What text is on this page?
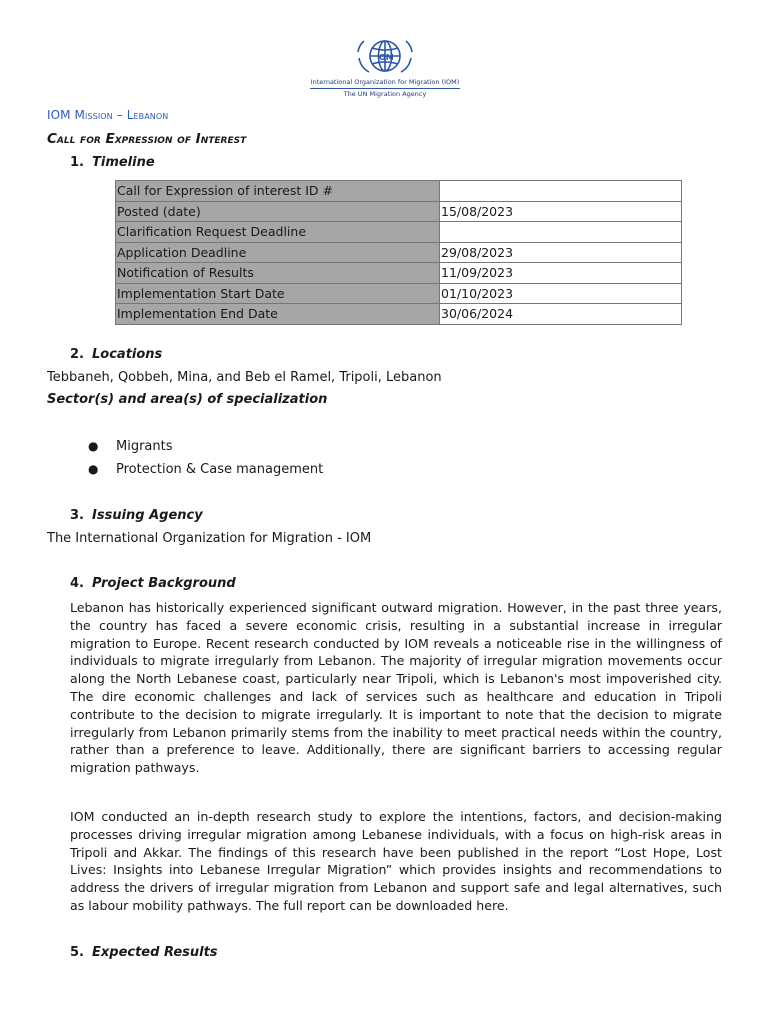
OM
International Organization for Migration (IOM)
The UN Migration Agency
IOM Mission – Lebanon
Call for Expression of Interest
1. Timeline
Call for Expression of interest ID #	
Posted (date)	15/08/2023
Clarification Request Deadline	
Application Deadline	29/08/2023
Notification of Results	11/09/2023
Implementation Start Date	01/10/2023
Implementation End Date	30/06/2024
2. Locations
Tebbaneh, Qobbeh, Mina, and Beb el Ramel, Tripoli, Lebanon
Sector(s) and area(s) of specialization
● Migrants
● Protection & Case management
3. Issuing Agency
The International Organization for Migration - IOM
4. Project Background
Lebanon has historically experienced significant outward migration. However, in the past three years, the country has faced a severe economic crisis, resulting in a substantial increase in irregular migration to Europe. Recent research conducted by IOM reveals a noticeable rise in the willingness of individuals to migrate irregularly from Lebanon. The majority of irregular migration movements occur along the North Lebanese coast, particularly near Tripoli, which is Lebanon's most impoverished city. The dire economic challenges and lack of services such as healthcare and education in Tripoli contribute to the decision to migrate irregularly. It is important to note that the decision to migrate irregularly from Lebanon primarily stems from the inability to meet practical needs within the country, rather than a preference to leave. Additionally, there are significant barriers to accessing regular migration pathways.
IOM conducted an in-depth research study to explore the intentions, factors, and decision-making processes driving irregular migration among Lebanese individuals, with a focus on high-risk areas in Tripoli and Akkar. The findings of this research have been published in the report “Lost Hope, Lost Lives: Insights into Lebanese Irregular Migration” which provides insights and recommendations to address the drivers of irregular migration from Lebanon and support safe and legal alternatives, such as labour mobility pathways. The full report can be downloaded here.
5. Expected Results
